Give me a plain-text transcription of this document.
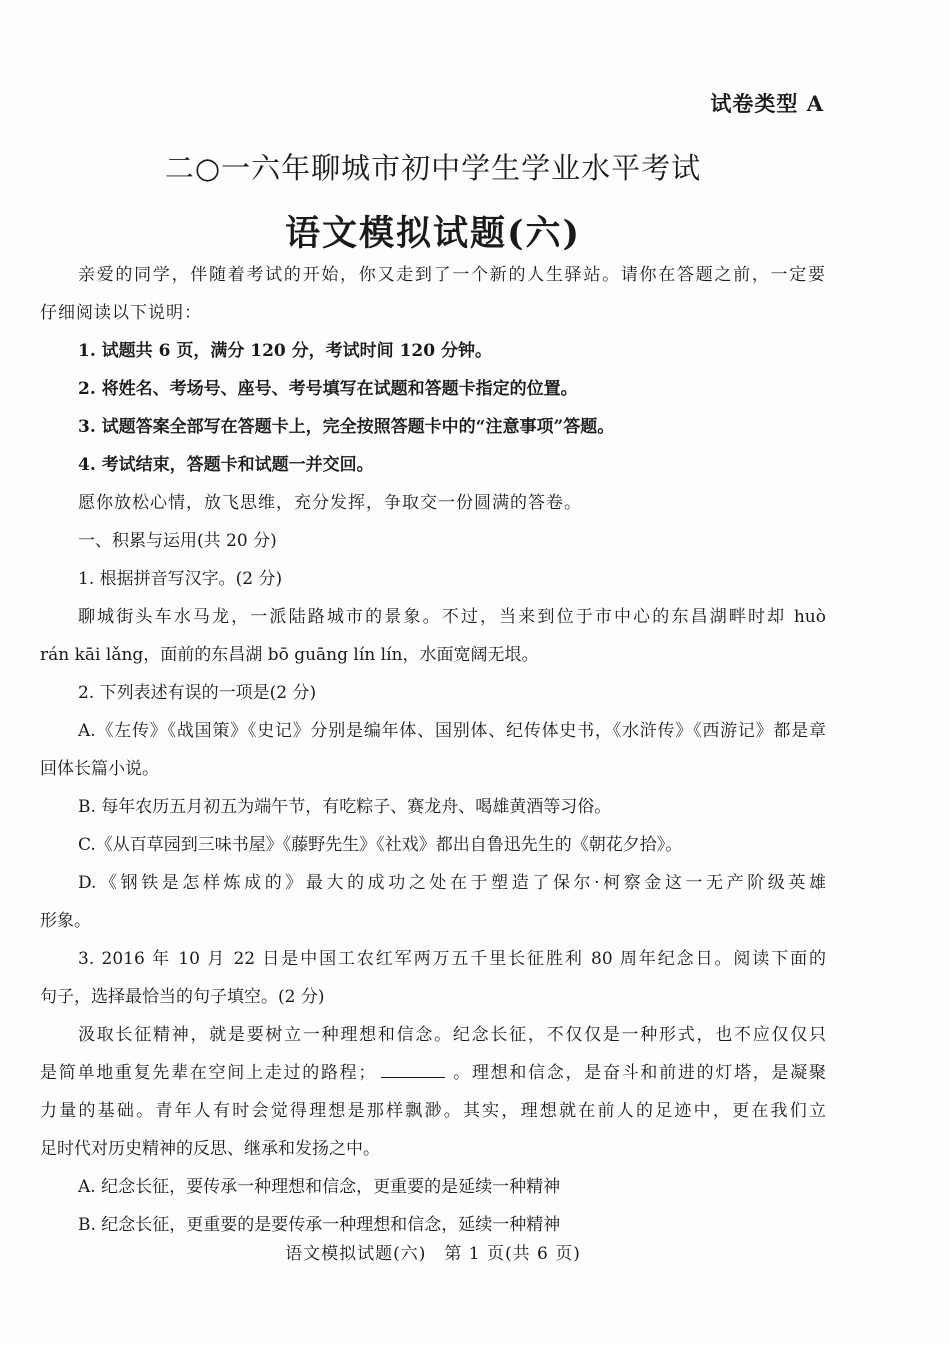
试卷类型 A
二○一六年聊城市初中学生学业水平考试
语文模拟试题(六)
亲爱的同学，伴随着考试的开始，你又走到了一个新的人生驿站。请你在答题之前，一定要
仔细阅读以下说明：
1. 试题共 6 页，满分 120 分，考试时间 120 分钟。
2. 将姓名、考场号、座号、考号填写在试题和答题卡指定的位置。
3. 试题答案全部写在答题卡上，完全按照答题卡中的“注意事项”答题。
4. 考试结束，答题卡和试题一并交回。
愿你放松心情，放飞思维，充分发挥，争取交一份圆满的答卷。
一、积累与运用(共 20 分)
1. 根据拼音写汉字。(2 分)
聊城街头车水马龙，一派陆路城市的景象。不过，当来到位于市中心的东昌湖畔时却 huò
rán kāi lǎng，面前的东昌湖 bō guāng lín lín，水面宽阔无垠。
2. 下列表述有误的一项是(2 分)
A.《左传》《战国策》《史记》分别是编年体、国别体、纪传体史书，《水浒传》《西游记》都是章
回体长篇小说。
B. 每年农历五月初五为端午节，有吃粽子、赛龙舟、喝雄黄酒等习俗。
C.《从百草园到三味书屋》《藤野先生》《社戏》都出自鲁迅先生的《朝花夕拾》。
D.《钢铁是怎样炼成的》最大的成功之处在于塑造了保尔·柯察金这一无产阶级英雄
形象。
3. 2016 年 10 月 22 日是中国工农红军两万五千里长征胜利 80 周年纪念日。阅读下面的
句子，选择最恰当的句子填空。(2 分)
汲取长征精神，就是要树立一种理想和信念。纪念长征，不仅仅是一种形式，也不应仅仅只
是简单地重复先辈在空间上走过的路程；	。理想和信念，是奋斗和前进的灯塔，是凝聚
力量的基础。青年人有时会觉得理想是那样飘渺。其实，理想就在前人的足迹中，更在我们立
足时代对历史精神的反思、继承和发扬之中。
A. 纪念长征，要传承一种理想和信念，更重要的是延续一种精神
B. 纪念长征，更重要的是要传承一种理想和信念，延续一种精神
语文模拟试题(六)　第 1 页(共 6 页)
